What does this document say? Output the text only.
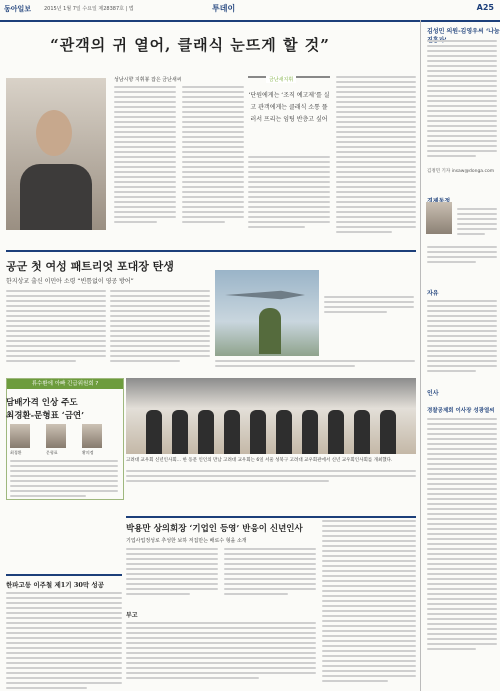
동아일보	2015년 1월 7일 수요일 제28387호 | 법	투데이	A25
“관객의 귀 열어, 클래식 눈뜨게 할 것”
성남시향 지휘봉 잡은 금난새씨	금난새지휘
‘단원에게는 ‘조직 예고제’를 실고 관객에게는 클래식 소통 플러서 프리는 임팅 반층고 싶어
공군 첫 여성 패트리엇 포대장 탄생
한지상교 출신 이민아 소령 “빈틈없이 영공 방어”
류수환에 아빠 긴급위원회 ?
담배가격 인상 주도
최경환-문형표 ‘금연’
최경환	문형표	황의정
고려대 교우회 신년인사회… 한 동문 인인의 만남 고려대 교우회는 6일 서울 성북구 고려대 교우회관에서 신년 교우회인사회를 개최했다.
박용만 상의회장 ‘기업인 등영’ 반응이 신년인사
기업사업정성로 추성한 보하 저집만는 배로수 형을 소개
부고
한파고등 이주철 제1기 30막 성공
김성민 의원-김영우씨 ‘나눔
김정민 기자 insaw@donga.com
자유
인사
경찰공제회 이사장 성광열씨
